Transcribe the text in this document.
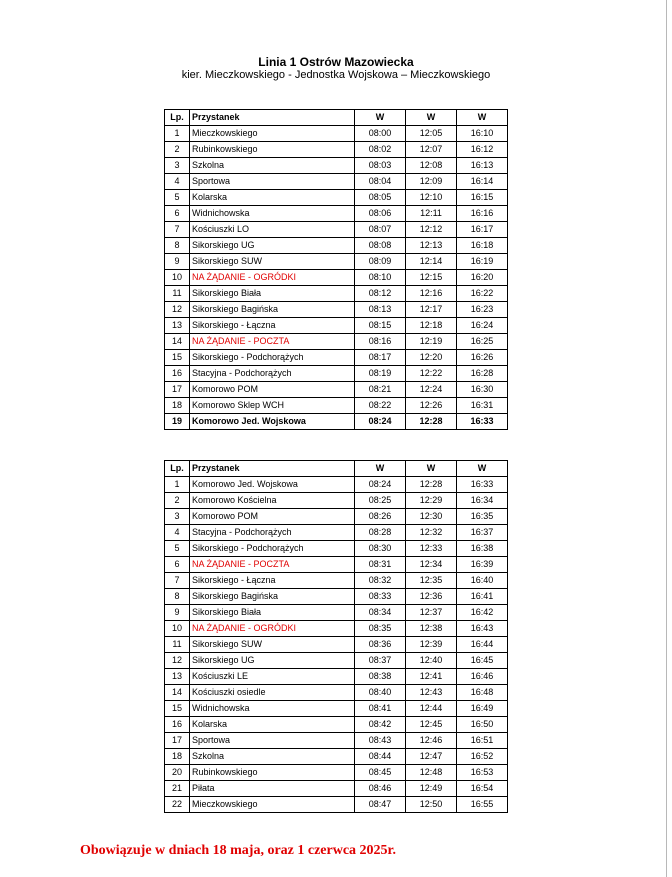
Linia 1 Ostrów Mazowiecka
kier. Mieczkowskiego - Jednostka Wojskowa – Mieczkowskiego
Lp.	Przystanek	W	W	W
1	Mieczkowskiego	08:00	12:05	16:10
2	Rubinkowskiego	08:02	12:07	16:12
3	Szkolna	08:03	12:08	16:13
4	Sportowa	08:04	12:09	16:14
5	Kolarska	08:05	12:10	16:15
6	Widnichowska	08:06	12:11	16:16
7	Kościuszki LO	08:07	12:12	16:17
8	Sikorskiego UG	08:08	12:13	16:18
9	Sikorskiego SUW	08:09	12:14	16:19
10	NA ŻĄDANIE - OGRÓDKI	08:10	12:15	16:20
11	Sikorskiego Biała	08:12	12:16	16:22
12	Sikorskiego Bagińska	08:13	12:17	16:23
13	Sikorskiego - Łączna	08:15	12:18	16:24
14	NA ŻĄDANIE - POCZTA	08:16	12:19	16:25
15	Sikorskiego - Podchorążych	08:17	12:20	16:26
16	Stacyjna - Podchorążych	08:19	12:22	16:28
17	Komorowo POM	08:21	12:24	16:30
18	Komorowo Sklep WCH	08:22	12:26	16:31
19	Komorowo Jed. Wojskowa	08:24	12:28	16:33
Lp.	Przystanek	W	W	W
1	Komorowo Jed. Wojskowa	08:24	12:28	16:33
2	Komorowo Kościelna	08:25	12:29	16:34
3	Komorowo POM	08:26	12:30	16:35
4	Stacyjna - Podchorążych	08:28	12:32	16:37
5	Sikorskiego - Podchorążych	08:30	12:33	16:38
6	NA ŻĄDANIE - POCZTA	08:31	12:34	16:39
7	Sikorskiego - Łączna	08:32	12:35	16:40
8	Sikorskiego Bagińska	08:33	12:36	16:41
9	Sikorskiego Biała	08:34	12:37	16:42
10	NA ŻĄDANIE - OGRÓDKI	08:35	12:38	16:43
11	Sikorskiego SUW	08:36	12:39	16:44
12	Sikorskiego UG	08:37	12:40	16:45
13	Kościuszki LE	08:38	12:41	16:46
14	Kościuszki osiedle	08:40	12:43	16:48
15	Widnichowska	08:41	12:44	16:49
16	Kolarska	08:42	12:45	16:50
17	Sportowa	08:43	12:46	16:51
18	Szkolna	08:44	12:47	16:52
20	Rubinkowskiego	08:45	12:48	16:53
21	Piłata	08:46	12:49	16:54
22	Mieczkowskiego	08:47	12:50	16:55
Obowiązuje w dniach 18 maja, oraz 1 czerwca 2025r.
